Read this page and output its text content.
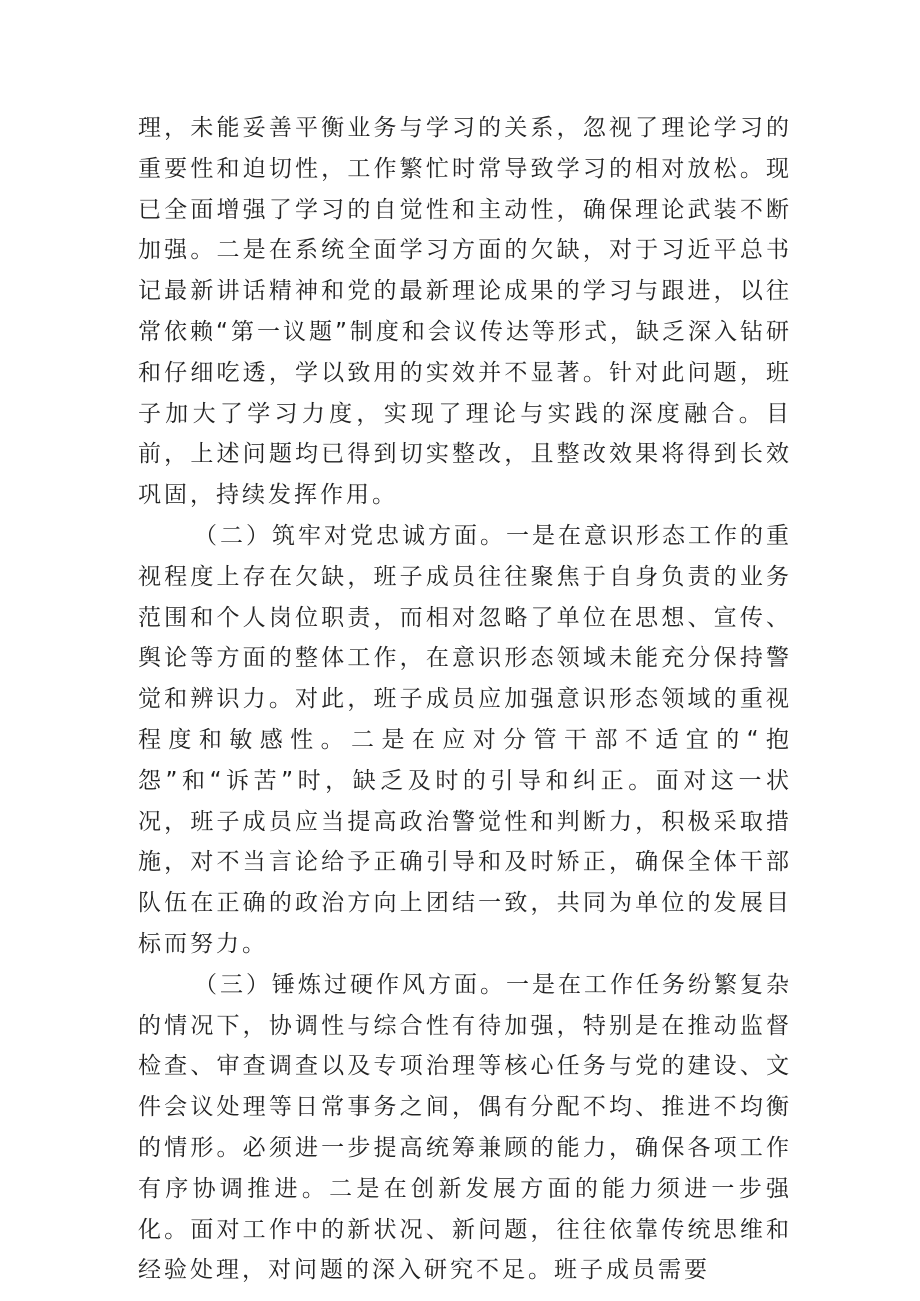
理，未能妥善平衡业务与学习的关系，忽视了理论学习的重要性和迫切性，工作繁忙时常导致学习的相对放松。现已全面增强了学习的自觉性和主动性，确保理论武装不断加强。二是在系统全面学习方面的欠缺，对于习近平总书记最新讲话精神和党的最新理论成果的学习与跟进，以往常依赖“第一议题”制度和会议传达等形式，缺乏深入钻研和仔细吃透，学以致用的实效并不显著。针对此问题，班子加大了学习力度，实现了理论与实践的深度融合。目前，上述问题均已得到切实整改，且整改效果将得到长效巩固，持续发挥作用。

（二）筑牢对党忠诚方面。一是在意识形态工作的重视程度上存在欠缺，班子成员往往聚焦于自身负责的业务范围和个人岗位职责，而相对忽略了单位在思想、宣传、舆论等方面的整体工作，在意识形态领域未能充分保持警觉和辨识力。对此，班子成员应加强意识形态领域的重视程度和敏感性。二是在应对分管干部不适宜的“抱怨”和“诉苦”时，缺乏及时的引导和纠正。面对这一状况，班子成员应当提高政治警觉性和判断力，积极采取措施，对不当言论给予正确引导和及时矫正，确保全体干部队伍在正确的政治方向上团结一致，共同为单位的发展目标而努力。

（三）锤炼过硬作风方面。一是在工作任务纷繁复杂的情况下，协调性与综合性有待加强，特别是在推动监督检查、审查调查以及专项治理等核心任务与党的建设、文件会议处理等日常事务之间，偶有分配不均、推进不均衡的情形。必须进一步提高统筹兼顾的能力，确保各项工作有序协调推进。二是在创新发展方面的能力须进一步强化。面对工作中的新状况、新问题，往往依靠传统思维和经验处理，对问题的深入研究不足。班子成员需要
